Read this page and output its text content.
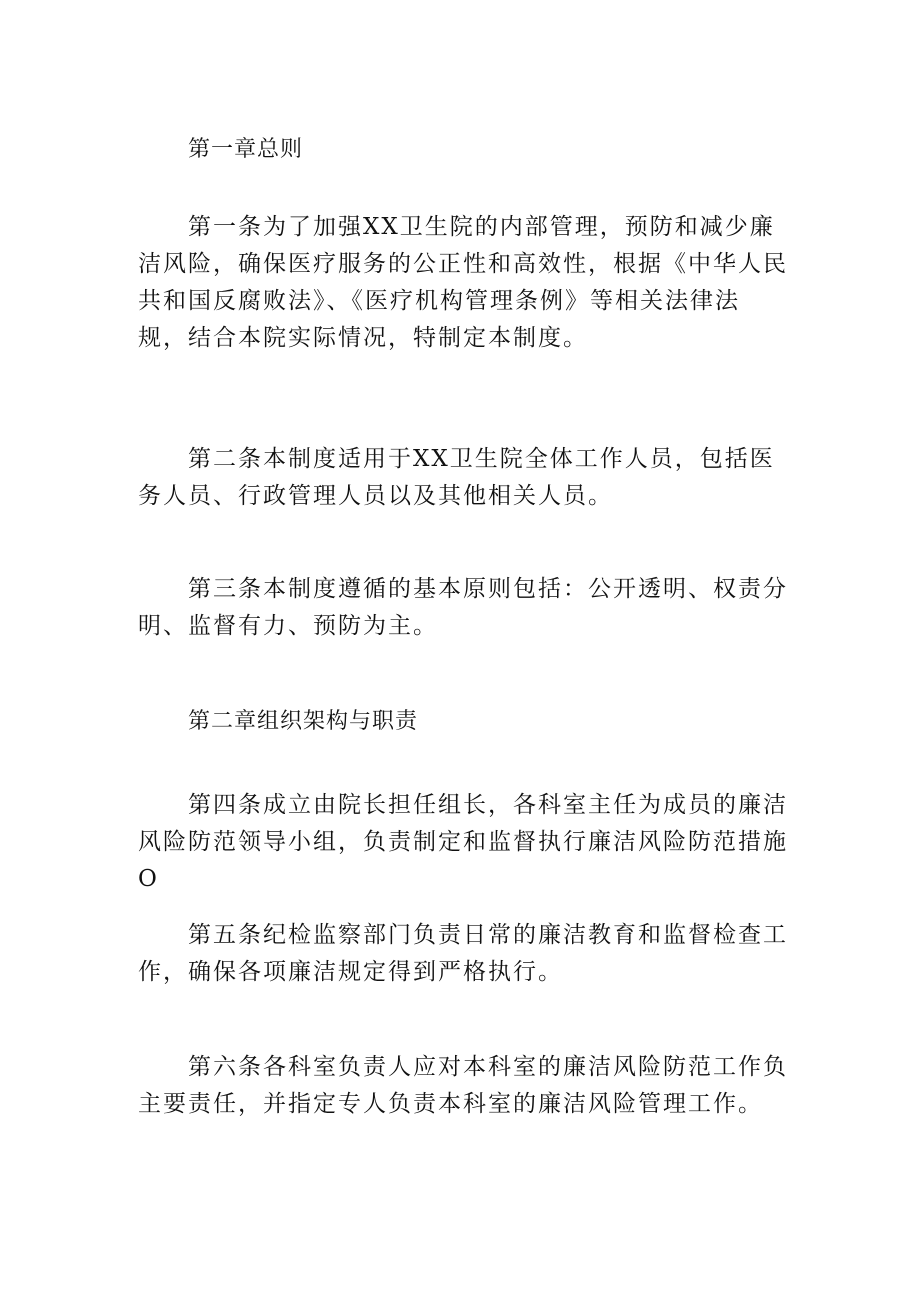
第一章总则

第一条为了加强XX卫生院的内部管理，预防和减少廉洁风险，确保医疗服务的公正性和高效性，根据《中华人民共和国反腐败法》、《医疗机构管理条例》等相关法律法规，结合本院实际情况，特制定本制度。

第二条本制度适用于XX卫生院全体工作人员，包括医务人员、行政管理人员以及其他相关人员。

第三条本制度遵循的基本原则包括：公开透明、权责分明、监督有力、预防为主。

第二章组织架构与职责

第四条成立由院长担任组长，各科室主任为成员的廉洁风险防范领导小组，负责制定和监督执行廉洁风险防范措施O

第五条纪检监察部门负责日常的廉洁教育和监督检查工作，确保各项廉洁规定得到严格执行。

第六条各科室负责人应对本科室的廉洁风险防范工作负主要责任，并指定专人负责本科室的廉洁风险管理工作。
